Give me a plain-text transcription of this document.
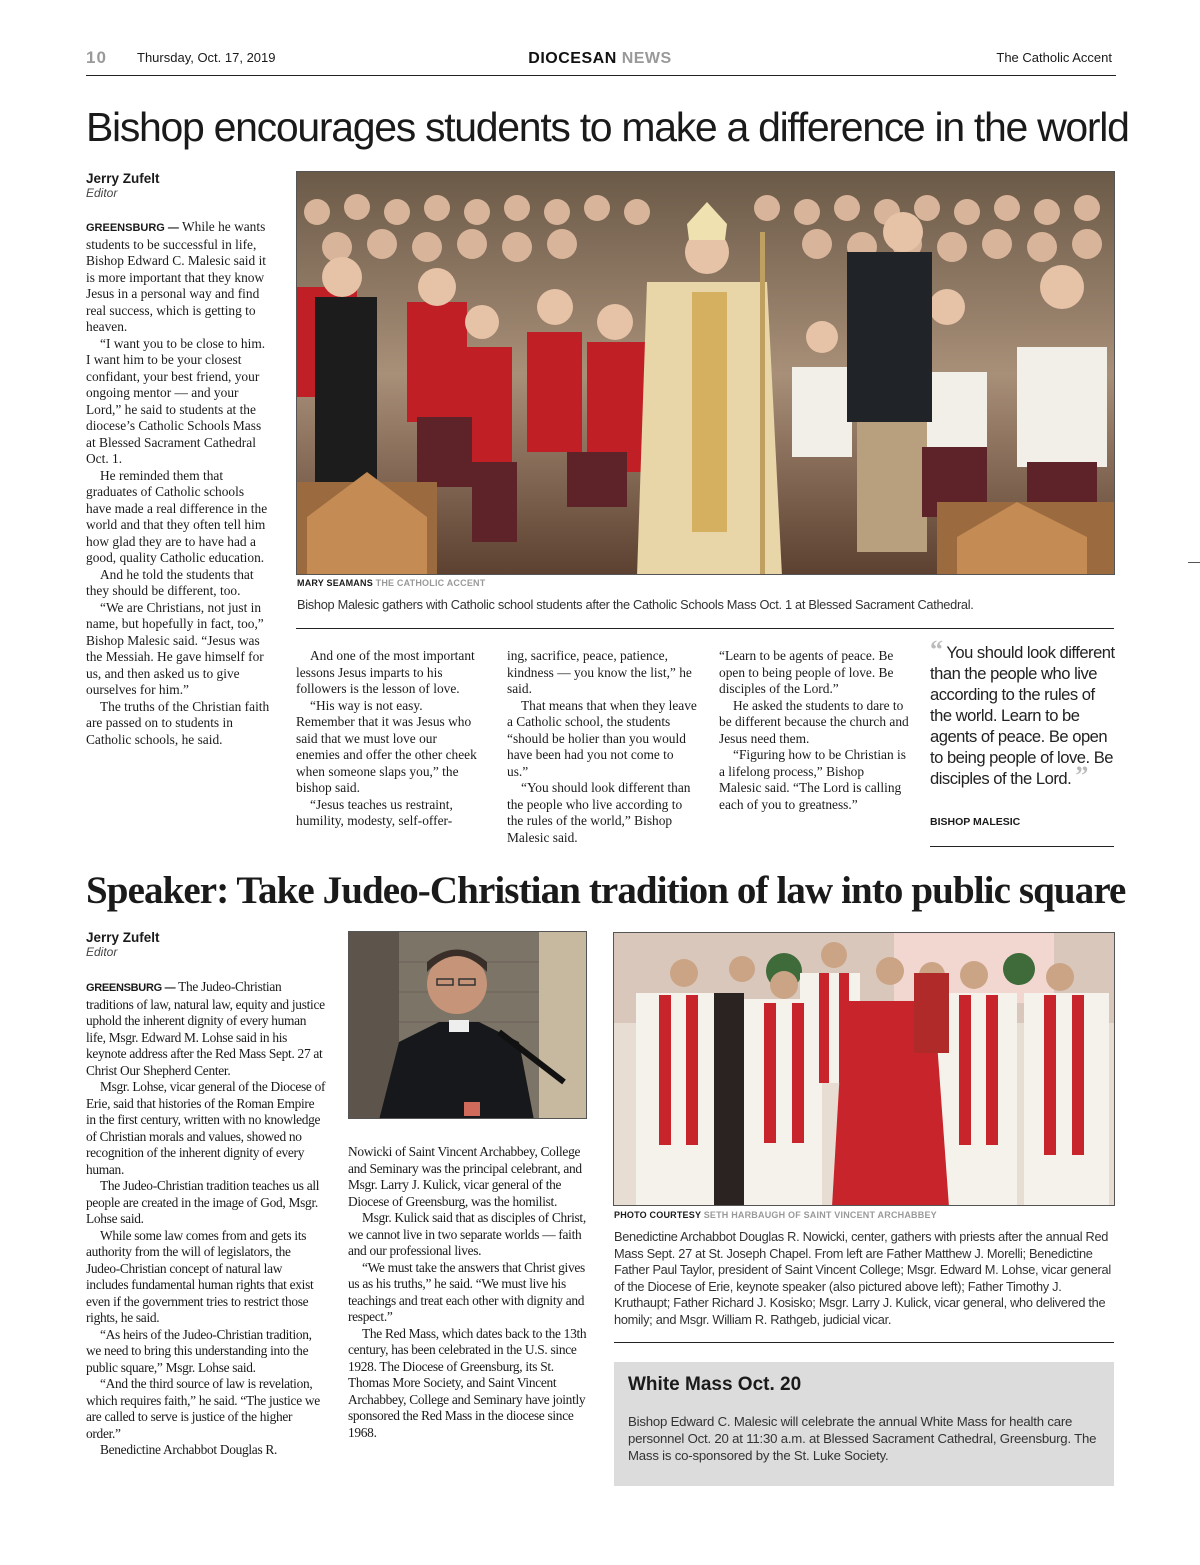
10 Thursday, Oct. 17, 2019	DIOCESAN NEWS	The Catholic Accent
Bishop encourages students to make a difference in the world
Jerry Zufelt
Editor

GREENSBURG — While he wants students to be successful in life, Bishop Edward C. Malesic said it is more important that they know Jesus in a personal way and find real success, which is getting to heaven.

“I want you to be close to him. I want him to be your closest confidant, your best friend, your ongoing mentor — and your Lord,” he said to students at the diocese’s Catholic Schools Mass at Blessed Sacrament Cathedral Oct. 1.

He reminded them that graduates of Catholic schools have made a real difference in the world and that they often tell him how glad they are to have had a good, quality Catholic education.

And he told the students that they should be different, too.

“We are Christians, not just in name, but hopefully in fact, too,” Bishop Malesic said. “Jesus was the Messiah. He gave himself for us, and then asked us to give ourselves for him.”

The truths of the Christian faith are passed on to students in Catholic schools, he said.

MARY SEAMANS THE CATHOLIC ACCENT
Bishop Malesic gathers with Catholic school students after the Catholic Schools Mass Oct. 1 at Blessed Sacrament Cathedral.

And one of the most important lessons Jesus imparts to his followers is the lesson of love.

“His way is not easy. Remember that it was Jesus who said that we must love our enemies and offer the other cheek when someone slaps you,” the bishop said.

“Jesus teaches us restraint, humility, modesty, self-offer-

ing, sacrifice, peace, patience, kindness — you know the list,” he said.

That means that when they leave a Catholic school, the students “should be holier than you would have been had you not come to us.”

“You should look different than the people who live according to the rules of the world,” Bishop Malesic said.

“Learn to be agents of peace. Be open to being people of love. Be disciples of the Lord.”

He asked the students to dare to be different because the church and Jesus need them.

“Figuring how to be Christian is a lifelong process,” Bishop Malesic said. “The Lord is calling each of you to greatness.”

“ You should look different than the people who live according to the rules of the world. Learn to be agents of peace. Be open to being people of love. Be disciples of the Lord. ”
BISHOP MALESIC
Speaker: Take Judeo-Christian tradition of law into public square
Jerry Zufelt
Editor

GREENSBURG — The Judeo-Christian traditions of law, natural law, equity and justice uphold the inherent dignity of every human life, Msgr. Edward M. Lohse said in his keynote address after the Red Mass Sept. 27 at Christ Our Shepherd Center.

Msgr. Lohse, vicar general of the Diocese of Erie, said that histories of the Roman Empire in the first century, written with no knowledge of Christian morals and values, showed no recognition of the inherent dignity of every human.

The Judeo-Christian tradition teaches us all people are created in the image of God, Msgr. Lohse said.

While some law comes from and gets its authority from the will of legislators, the Judeo-Christian concept of natural law includes fundamental human rights that exist even if the government tries to restrict those rights, he said.

“As heirs of the Judeo-Christian tradition, we need to bring this understanding into the public square,” Msgr. Lohse said.

“And the third source of law is revelation, which requires faith,” he said. “The justice we are called to serve is justice of the higher order.”

Benedictine Archabbot Douglas R.

Nowicki of Saint Vincent Archabbey, College and Seminary was the principal celebrant, and Msgr. Larry J. Kulick, vicar general of the Diocese of Greensburg, was the homilist.

Msgr. Kulick said that as disciples of Christ, we cannot live in two separate worlds — faith and our professional lives.

“We must take the answers that Christ gives us as his truths,” he said. “We must live his teachings and treat each other with dignity and respect.”

The Red Mass, which dates back to the 13th century, has been celebrated in the U.S. since 1928. The Diocese of Greensburg, its St. Thomas More Society, and Saint Vincent Archabbey, College and Seminary have jointly sponsored the Red Mass in the diocese since 1968.

PHOTO COURTESY SETH HARBAUGH OF SAINT VINCENT ARCHABBEY
Benedictine Archabbot Douglas R. Nowicki, center, gathers with priests after the annual Red Mass Sept. 27 at St. Joseph Chapel. From left are Father Matthew J. Morelli; Benedictine Father Paul Taylor, president of Saint Vincent College; Msgr. Edward M. Lohse, vicar general of the Diocese of Erie, keynote speaker (also pictured above left); Father Timothy J. Kruthaupt; Father Richard J. Kosisko; Msgr. Larry J. Kulick, vicar general, who delivered the homily; and Msgr. William R. Rathgeb, judicial vicar.
White Mass Oct. 20
Bishop Edward C. Malesic will celebrate the annual White Mass for health care personnel Oct. 20 at 11:30 a.m. at Blessed Sacrament Cathedral, Greensburg. The Mass is co-sponsored by the St. Luke Society.
